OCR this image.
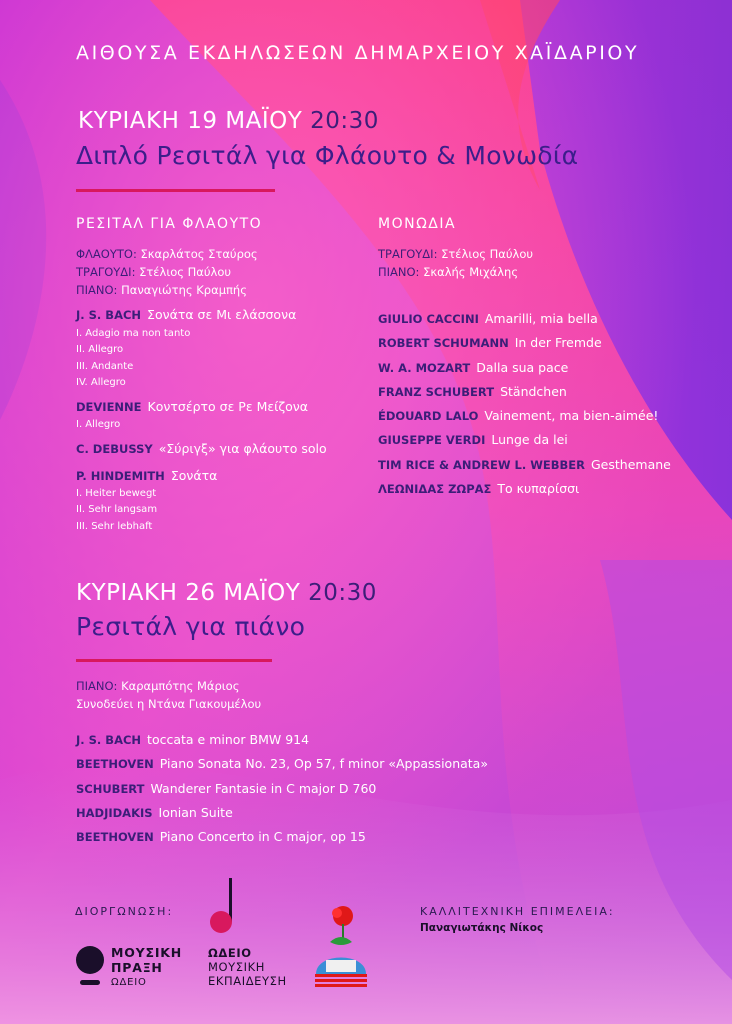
ΑΙΘΟΥΣΑ ΕΚΔΗΛΩΣΕΩΝ ΔΗΜΑΡΧΕΙΟΥ ΧΑΪΔΑΡΙΟΥ
ΚΥΡΙΑΚΗ 19 ΜΑΪΟΥ 20:30
Διπλό Ρεσιτάλ για Φλάουτο & Μονωδία
ΡΕΣΙΤΑΛ ΓΙΑ ΦΛΑΟΥΤΟ
ΦΛΑΟΥΤΟ: Σκαρλάτος Σταύρος
ΤΡΑΓΟΥΔΙ: Στέλιος Παύλου
ΠΙΑΝΟ: Παναγιώτης Κραμπής
J. S. BACH Σονάτα σε Μι ελάσσονα
I. Adagio ma non tanto
II. Allegro
III. Andante
IV. Allegro
DEVIENNE Κοντσέρτο σε Ρε Μείζονα
I. Allegro
C. DEBUSSY «Σύριγξ» για φλάουτο solo
P. HINDEMITH Σονάτα
I. Heiter bewegt
II. Sehr langsam
III. Sehr lebhaft
ΜΟΝΩΔΙΑ
ΤΡΑΓΟΥΔΙ: Στέλιος Παύλου
ΠΙΑΝΟ: Σκαλής Μιχάλης
GIULIO CACCINI Amarilli, mia bella
ROBERT SCHUMANN In der Fremde
W. A. MOZART Dalla sua pace
FRANZ SCHUBERT Ständchen
ÉDOUARD LALO Vainement, ma bien-aimée!
GIUSEPPE VERDI Lunge da lei
TIM RICE & ANDREW L. WEBBER Gesthemane
ΛΕΩΝΙΔΑΣ ΖΩΡΑΣ Το κυπαρίσσι
ΚΥΡΙΑΚΗ 26 ΜΑΪΟΥ 20:30
Ρεσιτάλ για πιάνο
ΠΙΑΝΟ: Καραμπότης Μάριος
Συνοδεύει η Ντάνα Γιακουμέλου
J. S. BACH toccata e minor BMW 914
BEETHOVEN Piano Sonata No. 23, Op 57, f minor «Appassionata»
SCHUBERT Wanderer Fantasie in C major D 760
HADJIDAKIS Ionian Suite
BEETHOVEN Piano Concerto in C major, op 15
ΔΙΟΡΓΩΝΩΣΗ:
ΜΟΥΣΙΚΗ
ΠΡΑΞΗ
ΩΔΕΙΟ
ΩΔΕΙΟ
ΜΟΥΣΙΚΗ
ΕΚΠΑΙΔΕΥΣΗ
ΚΑΛΛΙΤΕΧΝΙΚΗ ΕΠΙΜΕΛΕΙΑ:
Παναγιωτάκης Νίκος
